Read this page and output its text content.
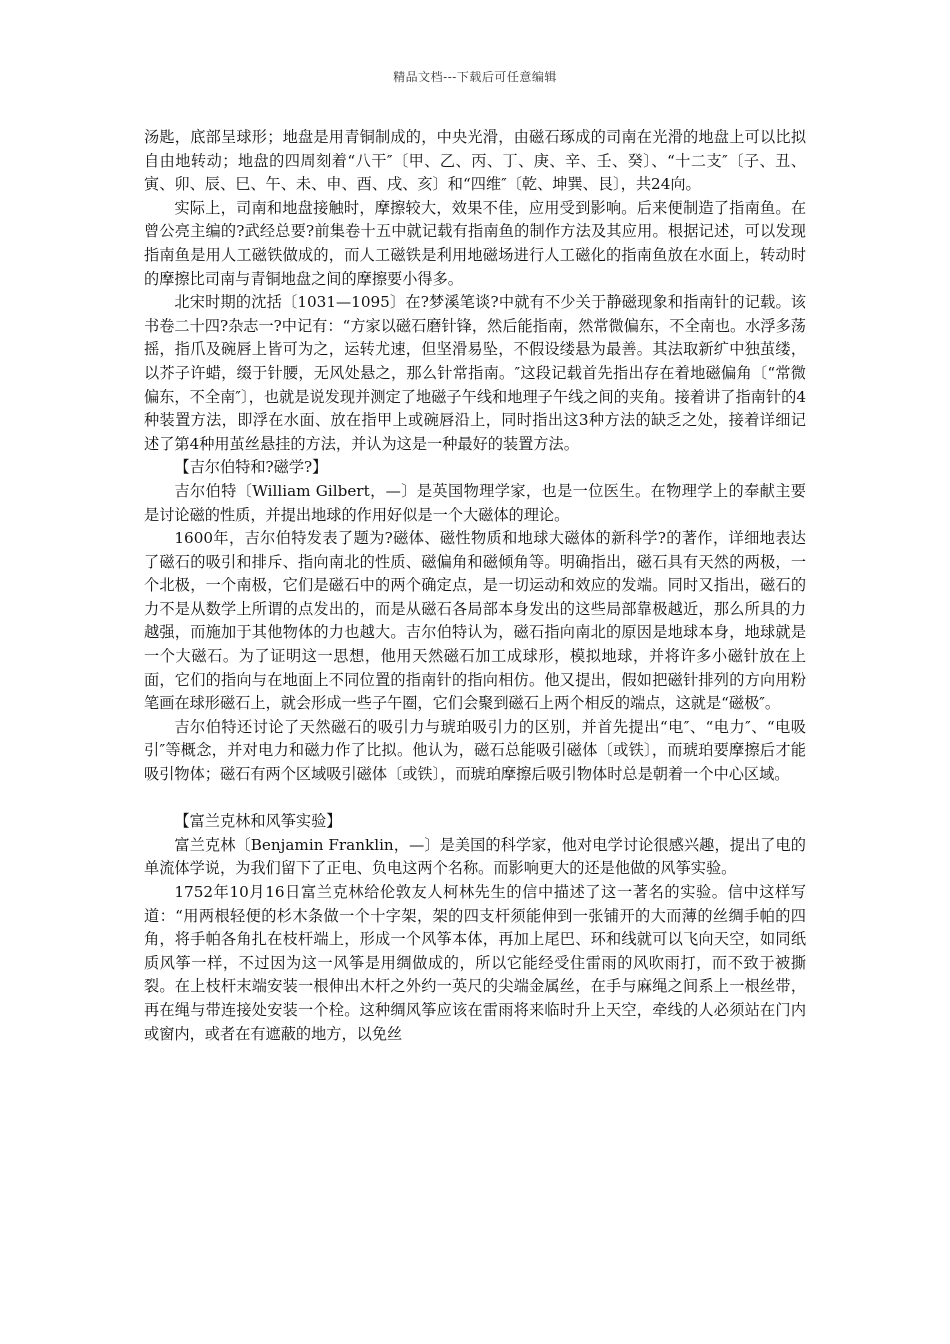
精品文档---下载后可任意编辑

汤匙，底部呈球形；地盘是用青铜制成的，中央光滑，由磁石琢成的司南在光滑的地盘上可以比拟自由地转动；地盘的四周刻着“八干″〔甲、乙、丙、丁、庚、辛、壬、癸〕、“十二支″〔子、丑、寅、卯、辰、巳、午、未、申、酉、戌、亥〕和“四维″〔乾、坤巽、艮〕，共24向。

实际上，司南和地盘接触时，摩擦较大，效果不佳，应用受到影响。后来便制造了指南鱼。在曾公亮主编的?武经总要?前集卷十五中就记载有指南鱼的制作方法及其应用。根据记述，可以发现指南鱼是用人工磁铁做成的，而人工磁铁是利用地磁场进行人工磁化的指南鱼放在水面上，转动时的摩擦比司南与青铜地盘之间的摩擦要小得多。

北宋时期的沈括〔1031—1095〕在?梦溪笔谈?中就有不少关于静磁现象和指南针的记载。该书卷二十四?杂志一?中记有：“方家以磁石磨针锋，然后能指南，然常微偏东，不全南也。水浮多荡摇，指爪及碗唇上皆可为之，运转尤速，但坚滑易坠，不假设缕悬为最善。其法取新纩中独茧缕，以芥子许蜡，缀于针腰，无风处悬之，那么针常指南。″这段记载首先指出存在着地磁偏角〔“常微偏东，不全南″〕，也就是说发现并测定了地磁子午线和地理子午线之间的夹角。接着讲了指南针的4种装置方法，即浮在水面、放在指甲上或碗唇沿上，同时指出这3种方法的缺乏之处，接着详细记述了第4种用茧丝悬挂的方法，并认为这是一种最好的装置方法。

【吉尔伯特和?磁学?】

吉尔伯特〔William Gilbert，—〕是英国物理学家，也是一位医生。在物理学上的奉献主要是讨论磁的性质，并提出地球的作用好似是一个大磁体的理论。

1600年，吉尔伯特发表了题为?磁体、磁性物质和地球大磁体的新科学?的著作，详细地表达了磁石的吸引和排斥、指向南北的性质、磁偏角和磁倾角等。明确指出，磁石具有天然的两极，一个北极，一个南极，它们是磁石中的两个确定点，是一切运动和效应的发端。同时又指出，磁石的力不是从数学上所谓的点发出的，而是从磁石各局部本身发出的这些局部靠极越近，那么所具的力越强，而施加于其他物体的力也越大。吉尔伯特认为，磁石指向南北的原因是地球本身，地球就是一个大磁石。为了证明这一思想，他用天然磁石加工成球形，模拟地球，并将许多小磁针放在上面，它们的指向与在地面上不同位置的指南针的指向相仿。他又提出，假如把磁针排列的方向用粉笔画在球形磁石上，就会形成一些子午圈，它们会聚到磁石上两个相反的端点，这就是“磁极″。

吉尔伯特还讨论了天然磁石的吸引力与琥珀吸引力的区别，并首先提出“电″、“电力″、“电吸引″等概念，并对电力和磁力作了比拟。他认为，磁石总能吸引磁体〔或铁〕，而琥珀要摩擦后才能吸引物体；磁石有两个区域吸引磁体〔或铁〕，而琥珀摩擦后吸引物体时总是朝着一个中心区域。

【富兰克林和风筝实验】

富兰克林〔Benjamin Franklin，—〕是美国的科学家，他对电学讨论很感兴趣，提出了电的单流体学说，为我们留下了正电、负电这两个名称。而影响更大的还是他做的风筝实验。

1752年10月16日富兰克林给伦敦友人柯林先生的信中描述了这一著名的实验。信中这样写道：“用两根轻便的杉木条做一个十字架，架的四支杆须能伸到一张铺开的大而薄的丝绸手帕的四角，将手帕各角扎在枝杆端上，形成一个风筝本体，再加上尾巴、环和线就可以飞向天空，如同纸质风筝一样，不过因为这一风筝是用绸做成的，所以它能经受住雷雨的风吹雨打，而不致于被撕裂。在上枝杆末端安装一根伸出木杆之外约一英尺的尖端金属丝，在手与麻绳之间系上一根丝带，再在绳与带连接处安装一个栓。这种绸风筝应该在雷雨将来临时升上天空，牵线的人必须站在门内或窗内，或者在有遮蔽的地方，以免丝
